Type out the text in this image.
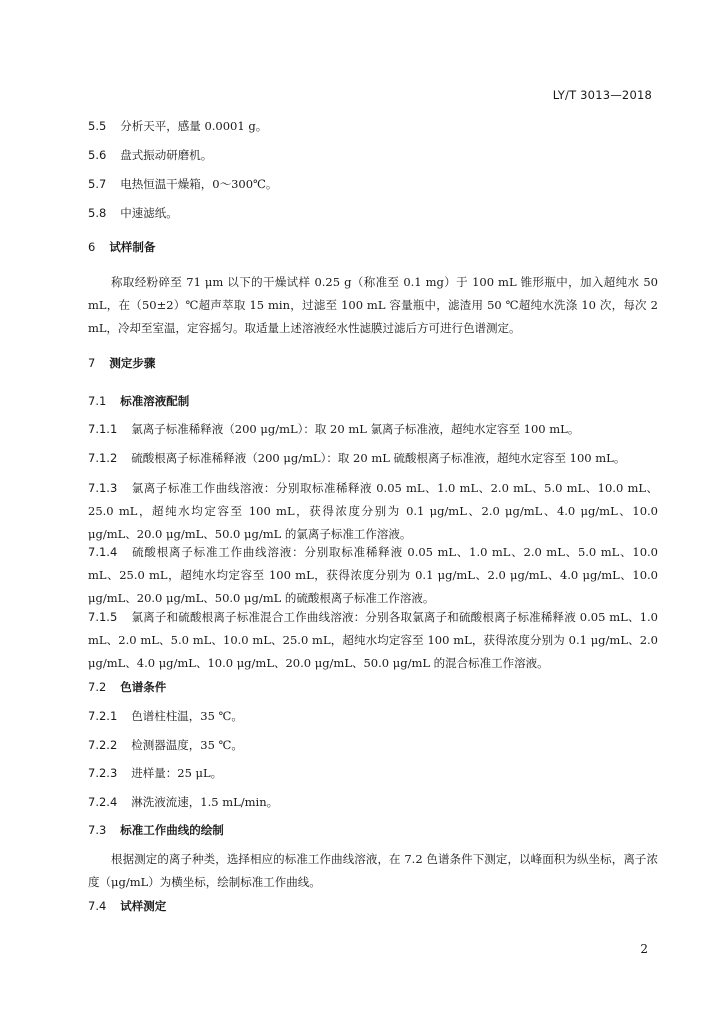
LY/T 3013—2018
5.5 分析天平，感量 0.0001 g。
5.6 盘式振动研磨机。
5.7 电热恒温干燥箱，0～300℃。
5.8 中速滤纸。
6 试样制备
称取经粉碎至 71 μm 以下的干燥试样 0.25 g（称准至 0.1 mg）于 100 mL 锥形瓶中，加入超纯水 50 mL，在（50±2）℃超声萃取 15 min，过滤至 100 mL 容量瓶中，滤渣用 50 ℃超纯水洗涤 10 次，每次 2 mL，冷却至室温，定容摇匀。取适量上述溶液经水性滤膜过滤后方可进行色谱测定。
7 测定步骤
7.1 标准溶液配制
7.1.1 氯离子标准稀释液（200 μg/mL）：取 20 mL 氯离子标准液，超纯水定容至 100 mL。
7.1.2 硫酸根离子标准稀释液（200 μg/mL）：取 20 mL 硫酸根离子标准液，超纯水定容至 100 mL。
7.1.3 氯离子标准工作曲线溶液：分别取标准稀释液 0.05 mL、1.0 mL、2.0 mL、5.0 mL、10.0 mL、25.0 mL，超纯水均定容至 100 mL，获得浓度分别为 0.1 μg/mL、2.0 μg/mL、4.0 μg/mL、10.0 μg/mL、20.0 μg/mL、50.0 μg/mL 的氯离子标准工作溶液。
7.1.4 硫酸根离子标准工作曲线溶液：分别取标准稀释液 0.05 mL、1.0 mL、2.0 mL、5.0 mL、10.0 mL、25.0 mL，超纯水均定容至 100 mL，获得浓度分别为 0.1 μg/mL、2.0 μg/mL、4.0 μg/mL、10.0 μg/mL、20.0 μg/mL、50.0 μg/mL 的硫酸根离子标准工作溶液。
7.1.5 氯离子和硫酸根离子标准混合工作曲线溶液：分别各取氯离子和硫酸根离子标准稀释液 0.05 mL、1.0 mL、2.0 mL、5.0 mL、10.0 mL、25.0 mL，超纯水均定容至 100 mL，获得浓度分别为 0.1 μg/mL、2.0 μg/mL、4.0 μg/mL、10.0 μg/mL、20.0 μg/mL、50.0 μg/mL 的混合标准工作溶液。
7.2 色谱条件
7.2.1 色谱柱柱温，35 ℃。
7.2.2 检测器温度，35 ℃。
7.2.3 进样量：25 μL。
7.2.4 淋洗液流速，1.5 mL/min。
7.3 标准工作曲线的绘制
根据测定的离子种类，选择相应的标准工作曲线溶液，在 7.2 色谱条件下测定，以峰面积为纵坐标，离子浓度（μg/mL）为横坐标，绘制标准工作曲线。
7.4 试样测定
2
